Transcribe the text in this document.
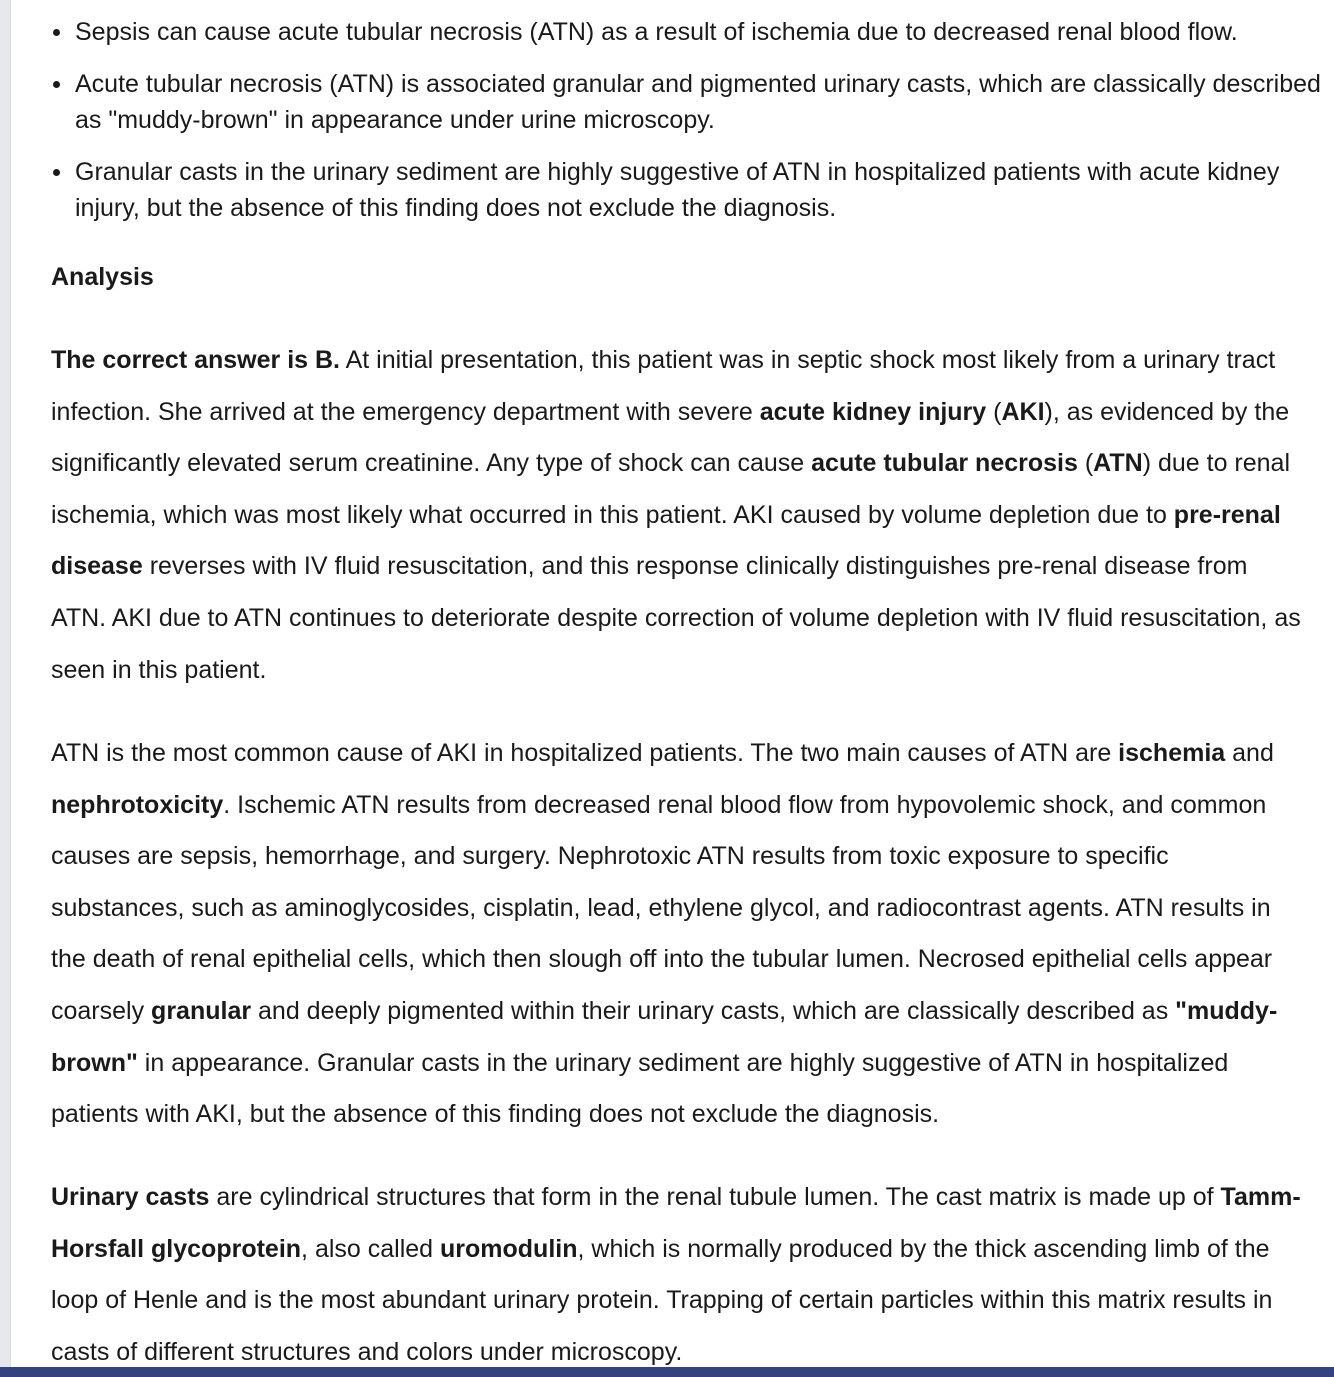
Sepsis can cause acute tubular necrosis (ATN) as a result of ischemia due to decreased renal blood flow.
Acute tubular necrosis (ATN) is associated granular and pigmented urinary casts, which are classically described as "muddy-brown" in appearance under urine microscopy.
Granular casts in the urinary sediment are highly suggestive of ATN in hospitalized patients with acute kidney injury, but the absence of this finding does not exclude the diagnosis.
Analysis

The correct answer is B. At initial presentation, this patient was in septic shock most likely from a urinary tract infection. She arrived at the emergency department with severe acute kidney injury (AKI), as evidenced by the significantly elevated serum creatinine. Any type of shock can cause acute tubular necrosis (ATN) due to renal ischemia, which was most likely what occurred in this patient. AKI caused by volume depletion due to pre-renal disease reverses with IV fluid resuscitation, and this response clinically distinguishes pre-renal disease from ATN. AKI due to ATN continues to deteriorate despite correction of volume depletion with IV fluid resuscitation, as seen in this patient.

ATN is the most common cause of AKI in hospitalized patients. The two main causes of ATN are ischemia and nephrotoxicity. Ischemic ATN results from decreased renal blood flow from hypovolemic shock, and common causes are sepsis, hemorrhage, and surgery. Nephrotoxic ATN results from toxic exposure to specific substances, such as aminoglycosides, cisplatin, lead, ethylene glycol, and radiocontrast agents. ATN results in the death of renal epithelial cells, which then slough off into the tubular lumen. Necrosed epithelial cells appear coarsely granular and deeply pigmented within their urinary casts, which are classically described as "muddy-brown" in appearance. Granular casts in the urinary sediment are highly suggestive of ATN in hospitalized patients with AKI, but the absence of this finding does not exclude the diagnosis.

Urinary casts are cylindrical structures that form in the renal tubule lumen. The cast matrix is made up of Tamm-Horsfall glycoprotein, also called uromodulin, which is normally produced by the thick ascending limb of the loop of Henle and is the most abundant urinary protein. Trapping of certain particles within this matrix results in casts of different structures and colors under microscopy.
